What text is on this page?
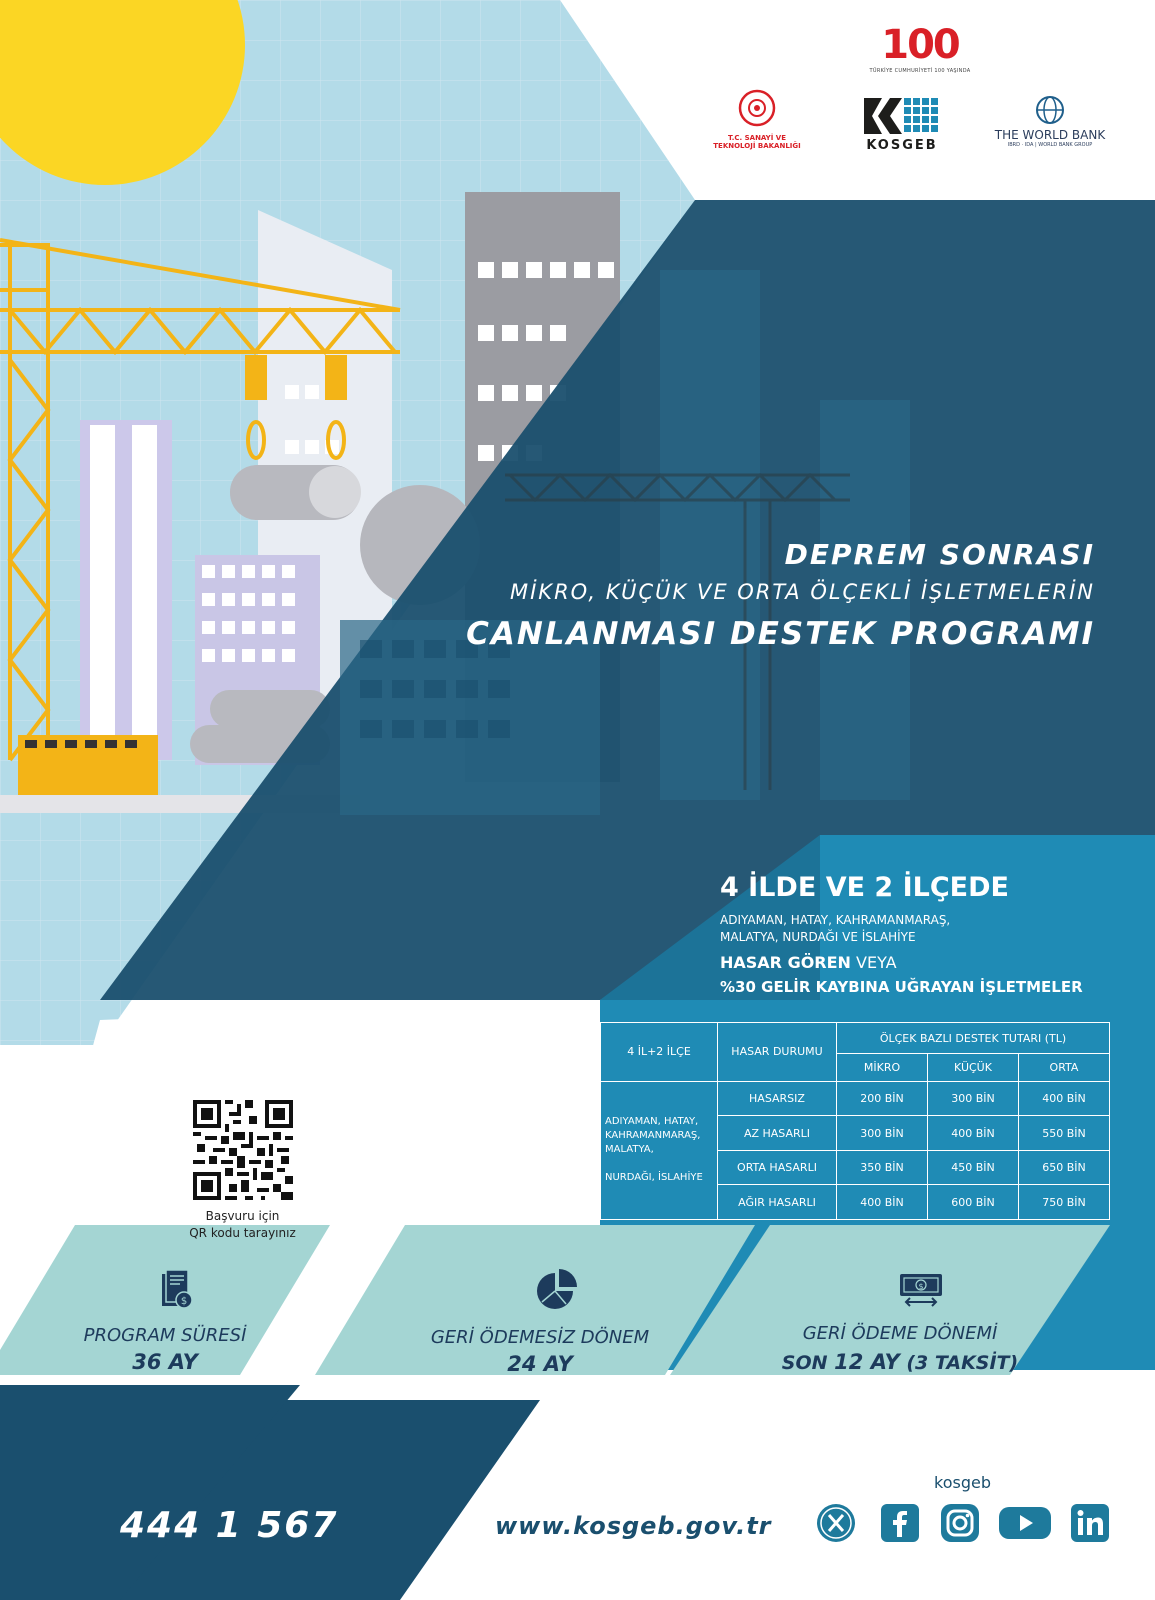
100
TÜRKİYE CUMHURİYETİ 100 YAŞINDA
T.C. SANAYİ VE
TEKNOLOJİ BAKANLIĞI	KOSGEB
THE WORLD BANK
IBRD · IDA | WORLD BANK GROUP
DEPREM SONRASI
MİKRO, KÜÇÜK VE ORTA ÖLÇEKLİ İŞLETMELERİN
CANLANMASI DESTEK PROGRAMI
4 İLDE VE 2 İLÇEDE
ADIYAMAN, HATAY, KAHRAMANMARAŞ,
MALATYA, NURDAĞI VE İSLAHİYE
HASAR GÖREN VEYA
%30 GELİR KAYBINA UĞRAYAN İŞLETMELER
4 İL+2 İLÇE	HASAR DURUMU	ÖLÇEK BAZLI DESTEK TUTARI (TL)		
		MİKRO	KÜÇÜK	ORTA

ADIYAMAN, HATAY,
KAHRAMANMARAŞ,
MALATYA,
NURDAĞI, İSLAHİYE	HASARSIZ	200 BİN	300 BİN	400 BİN
	AZ HASARLI	300 BİN	400 BİN	550 BİN
	ORTA HASARLI	350 BİN	450 BİN	650 BİN
	AĞIR HASARLI	400 BİN	600 BİN	750 BİN
Başvuru için
QR kodu tarayınız
$
PROGRAM SÜRESİ
36 AY
GERİ ÖDEMESİZ DÖNEM
24 AY
$
GERİ ÖDEME DÖNEMİ
SON 12 AY (3 TAKSİT)
444 1 567	www.kosgeb.gov.tr
kosgeb
